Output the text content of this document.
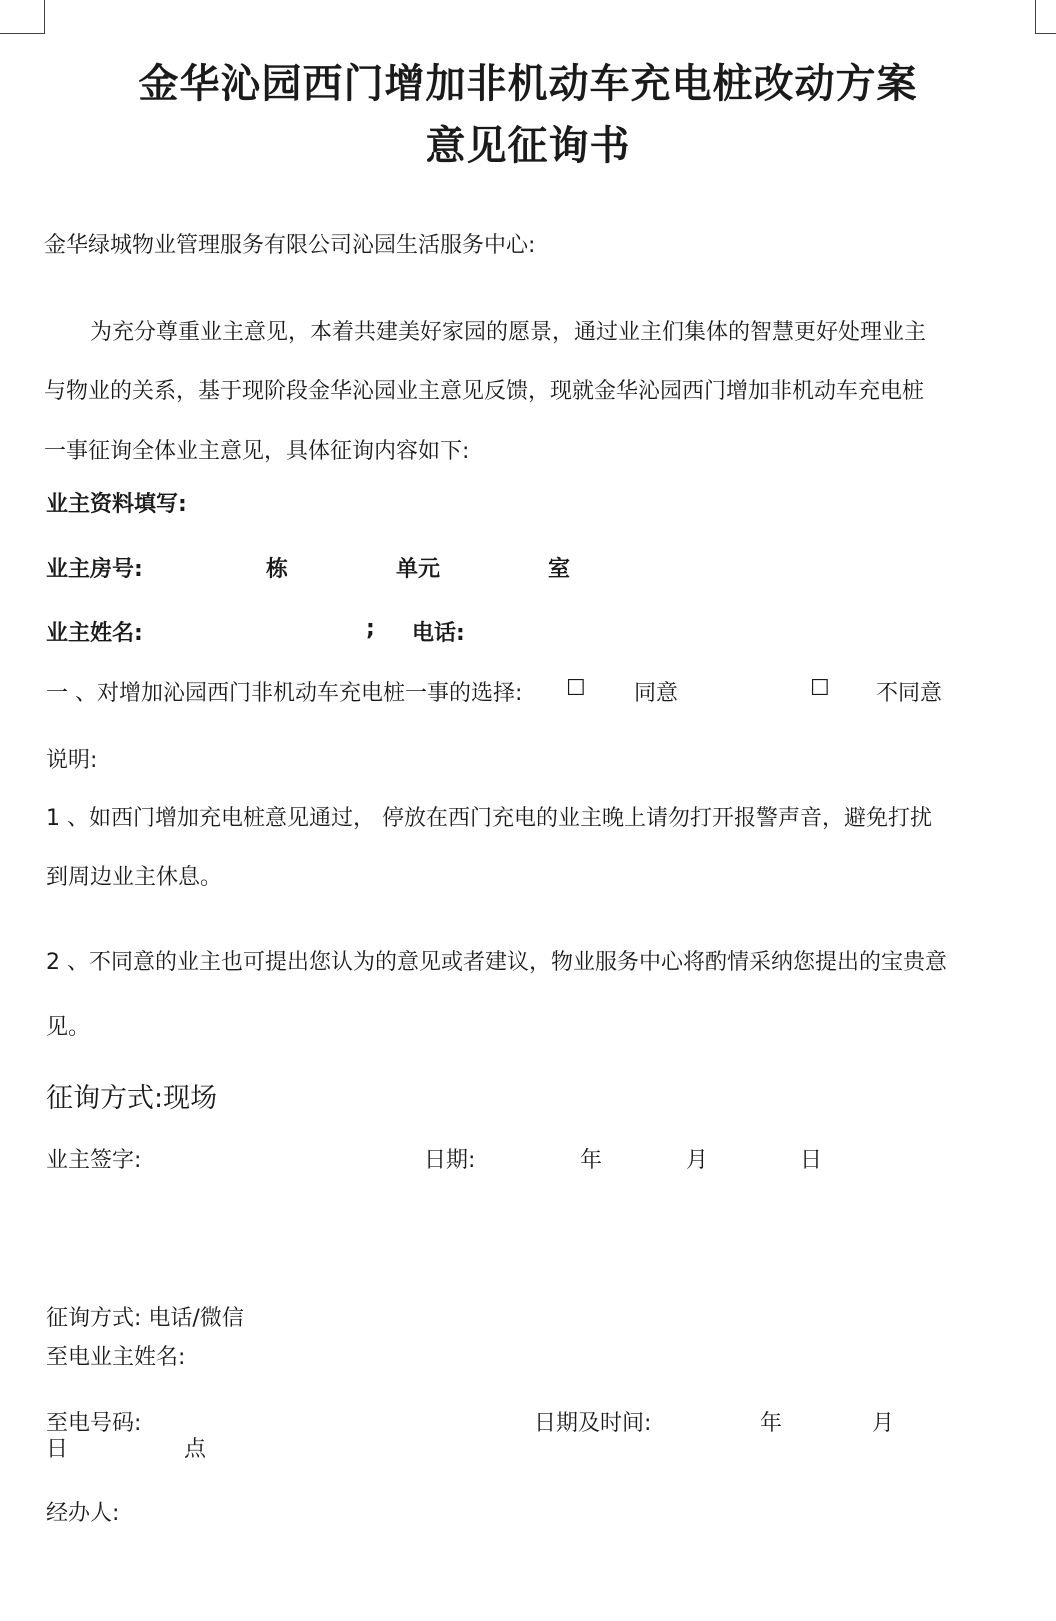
金华沁园西门增加非机动车充电桩改动方案
意见征询书
金华绿城物业管理服务有限公司沁园生活服务中心:
为充分尊重业主意见，本着共建美好家园的愿景，通过业主们集体的智慧更好处理业主
与物业的关系，基于现阶段金华沁园业主意见反馈，现就金华沁园西门增加非机动车充电桩
一事征询全体业主意见，具体征询内容如下:
业主资料填写:
业主房号:	栋	单元	室
业主姓名:	; 电话:
一 、对增加沁园西门非机动车充电桩一事的选择: ☐ 同意	☐ 不同意
说明:
1 、如西门增加充电桩意见通过， 停放在西门充电的业主晚上请勿打开报警声音，避免打扰
到周边业主休息。
2 、不同意的业主也可提出您认为的意见或者建议，物业服务中心将酌情采纳您提出的宝贵意
见。
征询方式:现场
业主签字:	日期:	年	月	日
征询方式: 电话/微信
至电业主姓名:
至电号码:	日期及时间:	年	月
日	点
经办人:
